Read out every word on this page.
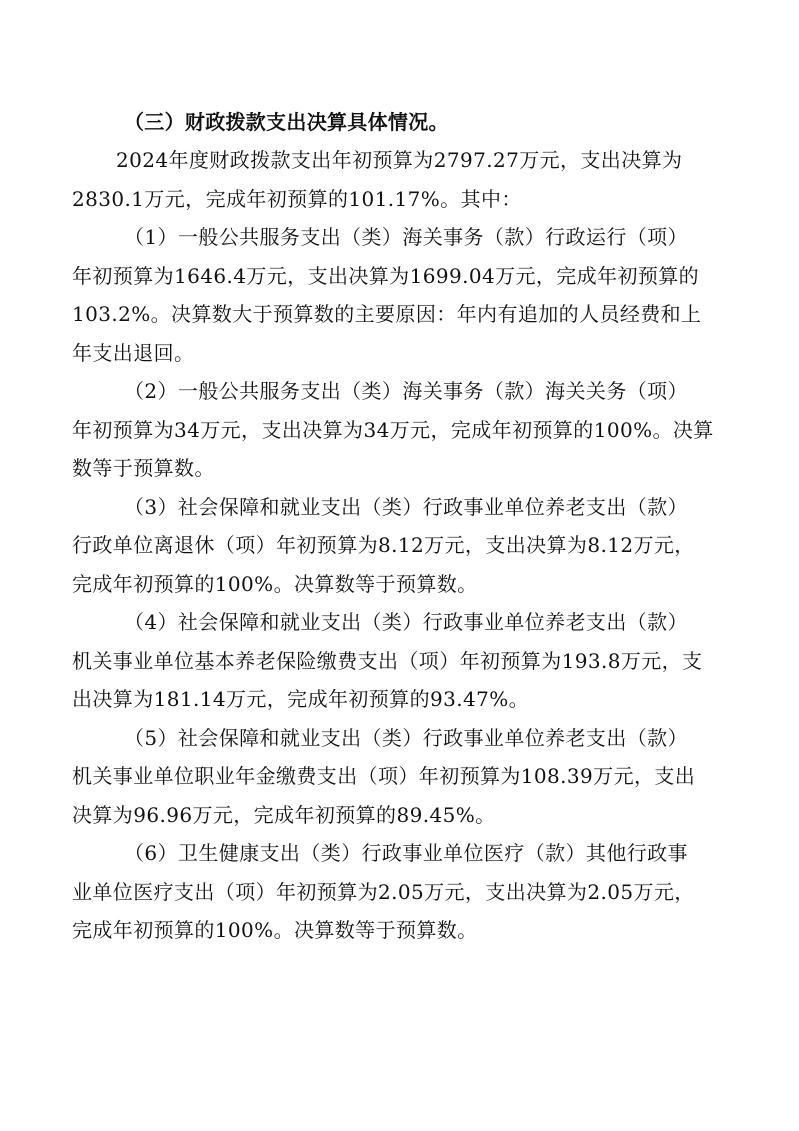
（三）财政拨款支出决算具体情况。

2024年度财政拨款支出年初预算为2797.27万元，支出决算为
2830.1万元，完成年初预算的101.17%。其中：
（1）一般公共服务支出（类）海关事务（款）行政运行（项）
年初预算为1646.4万元，支出决算为1699.04万元，完成年初预算的
103.2%。决算数大于预算数的主要原因：年内有追加的人员经费和上
年支出退回。
（2）一般公共服务支出（类）海关事务（款）海关关务（项）
年初预算为34万元，支出决算为34万元，完成年初预算的100%。决算
数等于预算数。
（3）社会保障和就业支出（类）行政事业单位养老支出（款）
行政单位离退休（项）年初预算为8.12万元，支出决算为8.12万元，
完成年初预算的100%。决算数等于预算数。
（4）社会保障和就业支出（类）行政事业单位养老支出（款）
机关事业单位基本养老保险缴费支出（项）年初预算为193.8万元，支
出决算为181.14万元，完成年初预算的93.47%。
（5）社会保障和就业支出（类）行政事业单位养老支出（款）
机关事业单位职业年金缴费支出（项）年初预算为108.39万元，支出
决算为96.96万元，完成年初预算的89.45%。
（6）卫生健康支出（类）行政事业单位医疗（款）其他行政事
业单位医疗支出（项）年初预算为2.05万元，支出决算为2.05万元，
完成年初预算的100%。决算数等于预算数。
